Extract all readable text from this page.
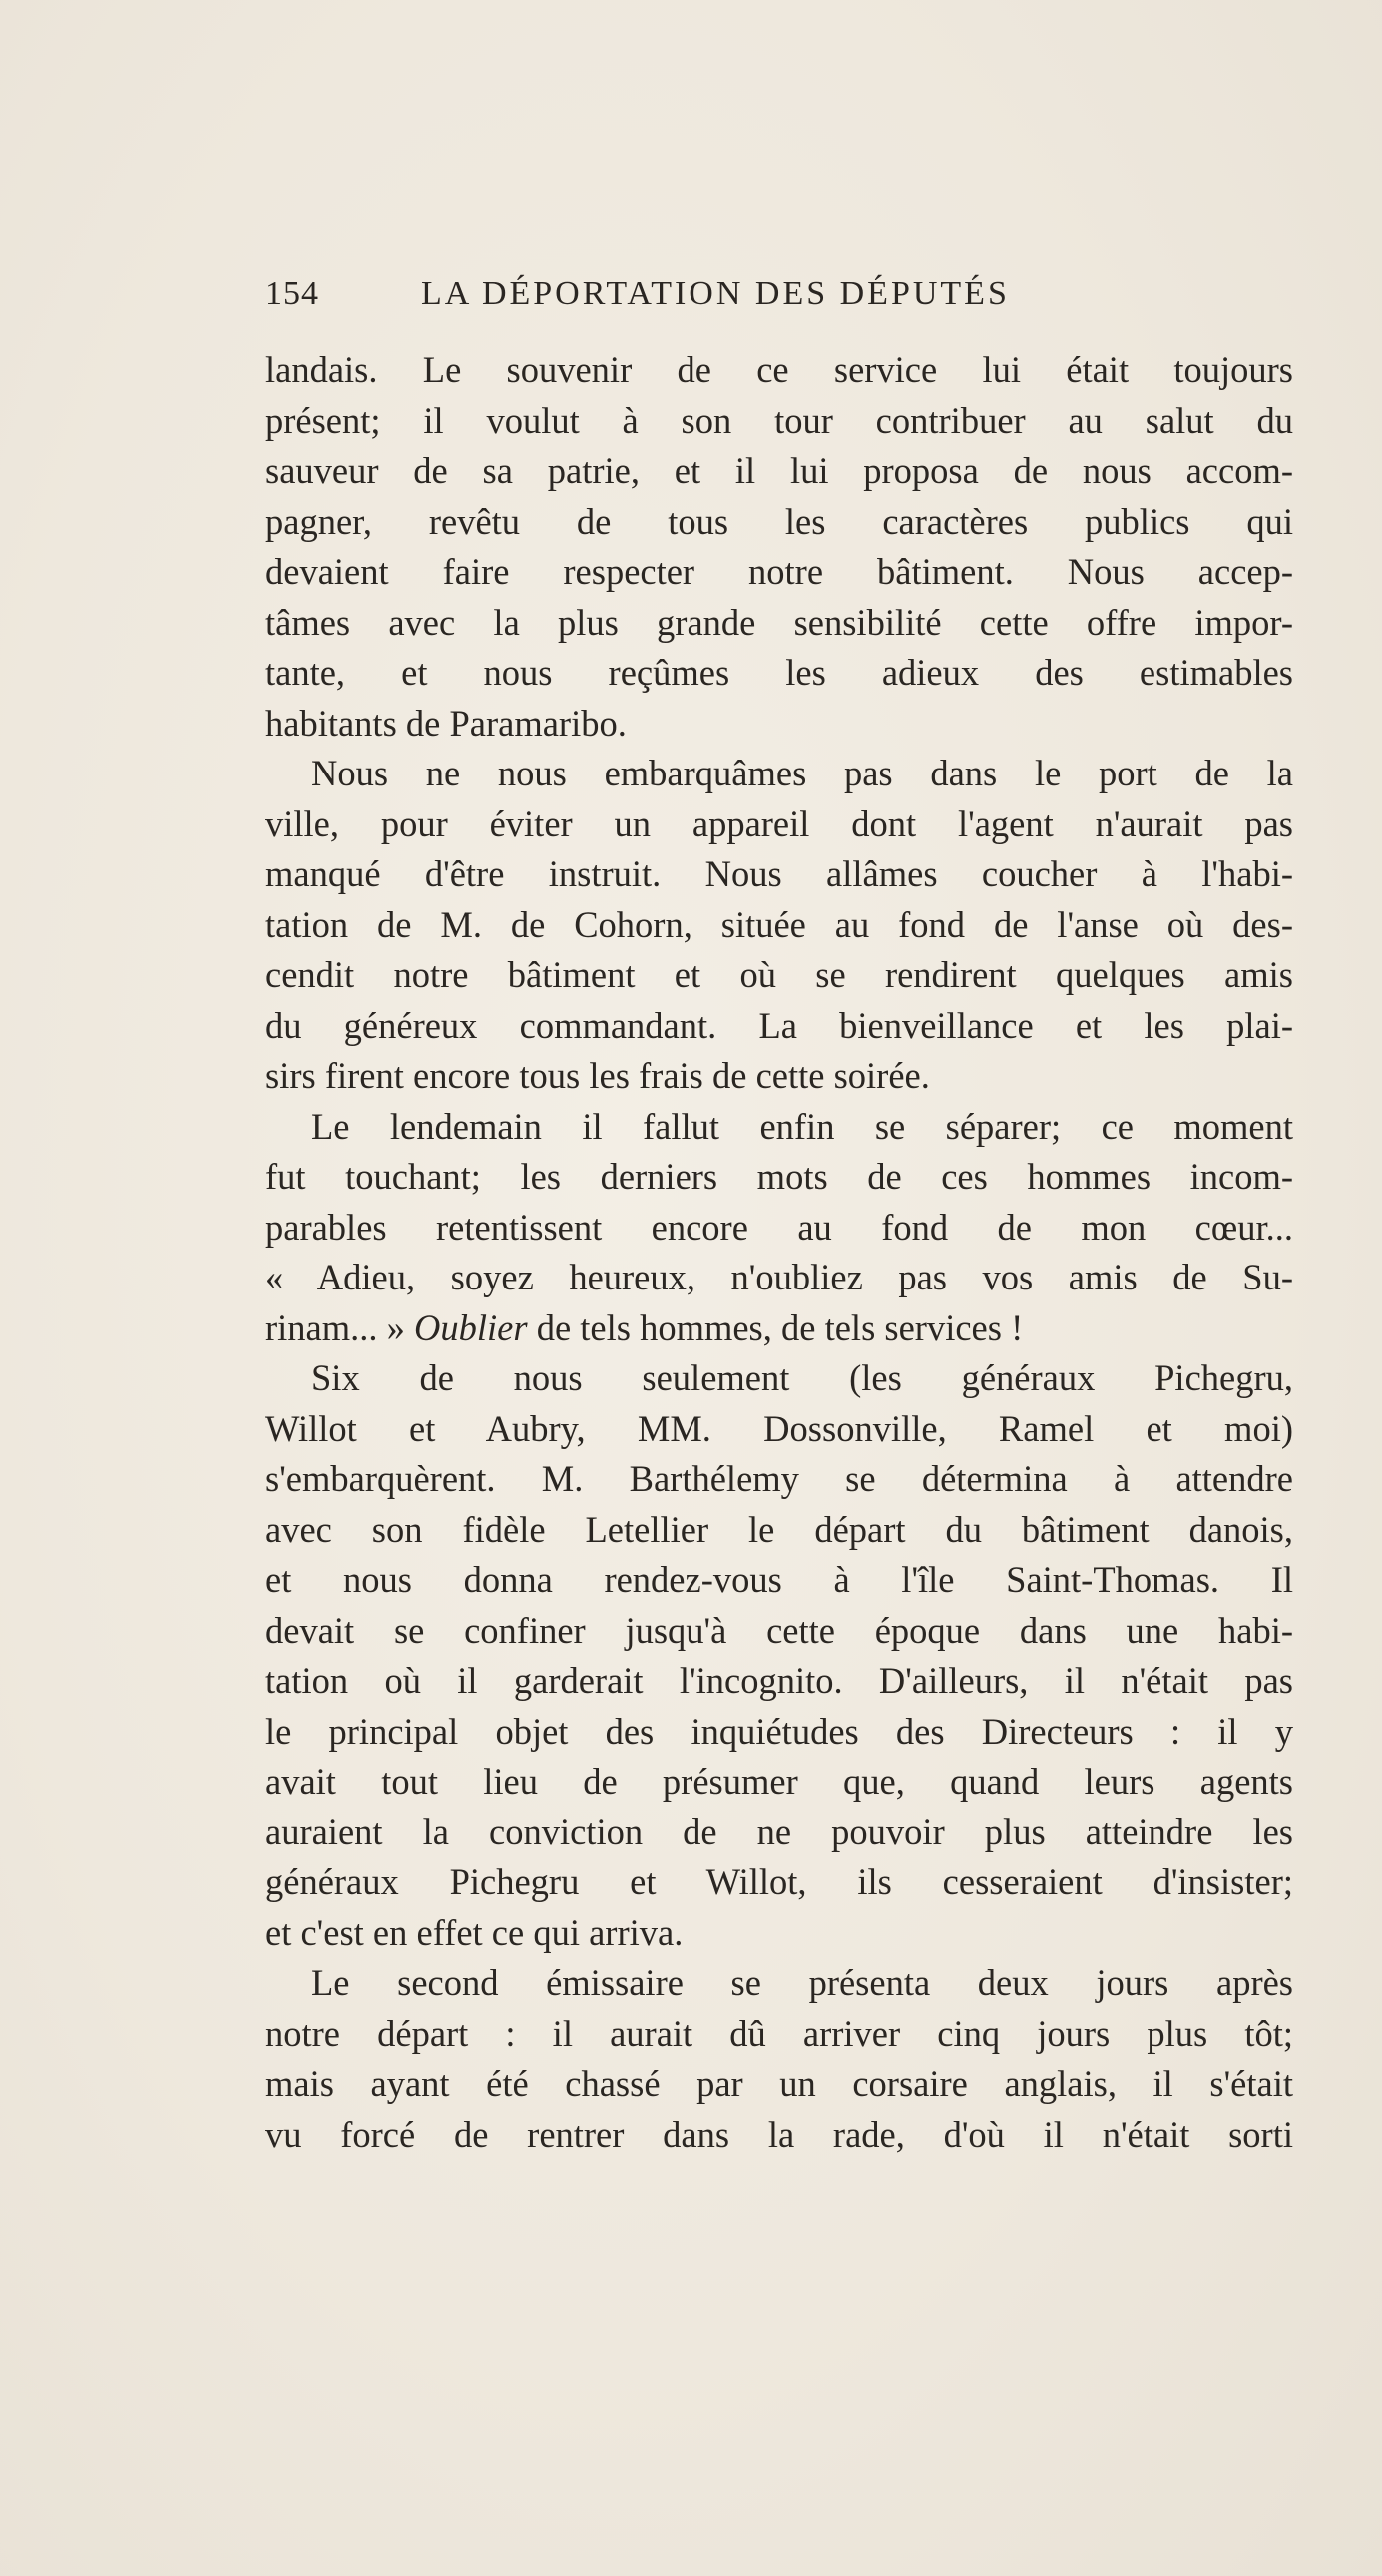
154	LA DÉPORTATION DES DÉPUTÉS
landais. Le souvenir de ce service lui était toujours
présent; il voulut à son tour contribuer au salut du
sauveur de sa patrie, et il lui proposa de nous accom-
pagner, revêtu de tous les caractères publics qui
devaient faire respecter notre bâtiment. Nous accep-
tâmes avec la plus grande sensibilité cette offre impor-
tante, et nous reçûmes les adieux des estimables
habitants de Paramaribo.
Nous ne nous embarquâmes pas dans le port de la
ville, pour éviter un appareil dont l'agent n'aurait pas
manqué d'être instruit. Nous allâmes coucher à l'habi-
tation de M. de Cohorn, située au fond de l'anse où des-
cendit notre bâtiment et où se rendirent quelques amis
du généreux commandant. La bienveillance et les plai-
sirs firent encore tous les frais de cette soirée.
Le lendemain il fallut enfin se séparer; ce moment
fut touchant; les derniers mots de ces hommes incom-
parables retentissent encore au fond de mon cœur...
« Adieu, soyez heureux, n'oubliez pas vos amis de Su-
rinam... » Oublier de tels hommes, de tels services !
Six de nous seulement (les généraux Pichegru,
Willot et Aubry, MM. Dossonville, Ramel et moi)
s'embarquèrent. M. Barthélemy se détermina à attendre
avec son fidèle Letellier le départ du bâtiment danois,
et nous donna rendez-vous à l'île Saint-Thomas. Il
devait se confiner jusqu'à cette époque dans une habi-
tation où il garderait l'incognito. D'ailleurs, il n'était pas
le principal objet des inquiétudes des Directeurs : il y
avait tout lieu de présumer que, quand leurs agents
auraient la conviction de ne pouvoir plus atteindre les
généraux Pichegru et Willot, ils cesseraient d'insister;
et c'est en effet ce qui arriva.
Le second émissaire se présenta deux jours après
notre départ : il aurait dû arriver cinq jours plus tôt;
mais ayant été chassé par un corsaire anglais, il s'était
vu forcé de rentrer dans la rade, d'où il n'était sorti
